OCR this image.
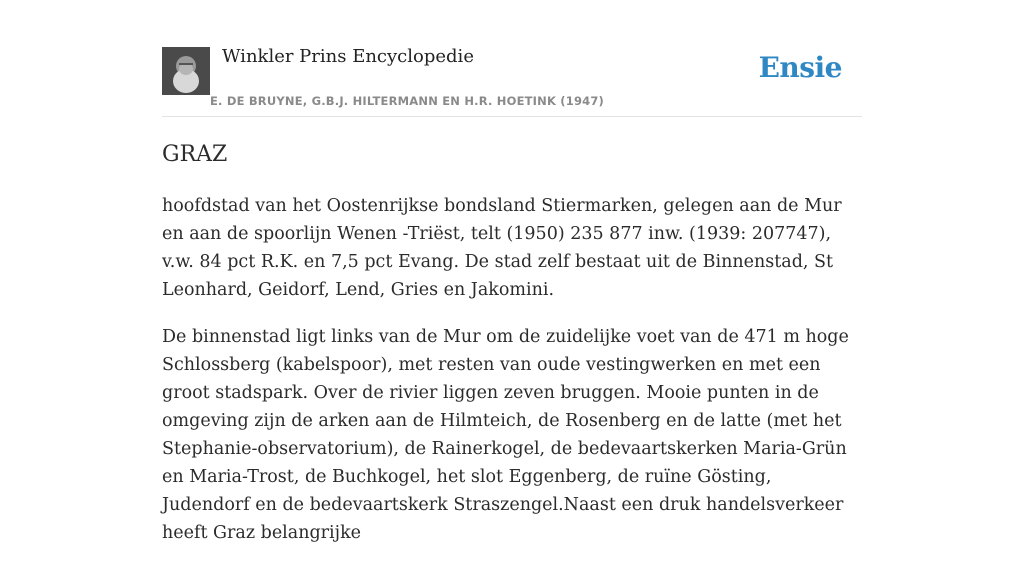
Winkler Prins Encyclopedie
E. DE BRUYNE, G.B.J. HILTERMANN EN H.R. HOETINK (1947)
Ensie
GRAZ

hoofdstad van het Oostenrijkse bondsland Stiermarken, gelegen aan de Mur en aan de spoorlijn Wenen -Triëst, telt (1950) 235 877 inw. (1939: 207747), v.w. 84 pct R.K. en 7,5 pct Evang. De stad zelf bestaat uit de Binnenstad, St Leonhard, Geidorf, Lend, Gries en Jakomini.

De binnenstad ligt links van de Mur om de zuidelijke voet van de 471 m hoge Schlossberg (kabelspoor), met resten van oude vestingwerken en met een groot stadspark. Over de rivier liggen zeven bruggen. Mooie punten in de omgeving zijn de arken aan de Hilmteich, de Rosenberg en de latte (met het Stephanie-observatorium), de Rainerkogel, de bedevaartskerken Maria-Grün en Maria-Trost, de Buchkogel, het slot Eggenberg, de ruïne Gösting, Judendorf en de bedevaartskerk Straszengel.Naast een druk handelsverkeer heeft Graz belangrijke
